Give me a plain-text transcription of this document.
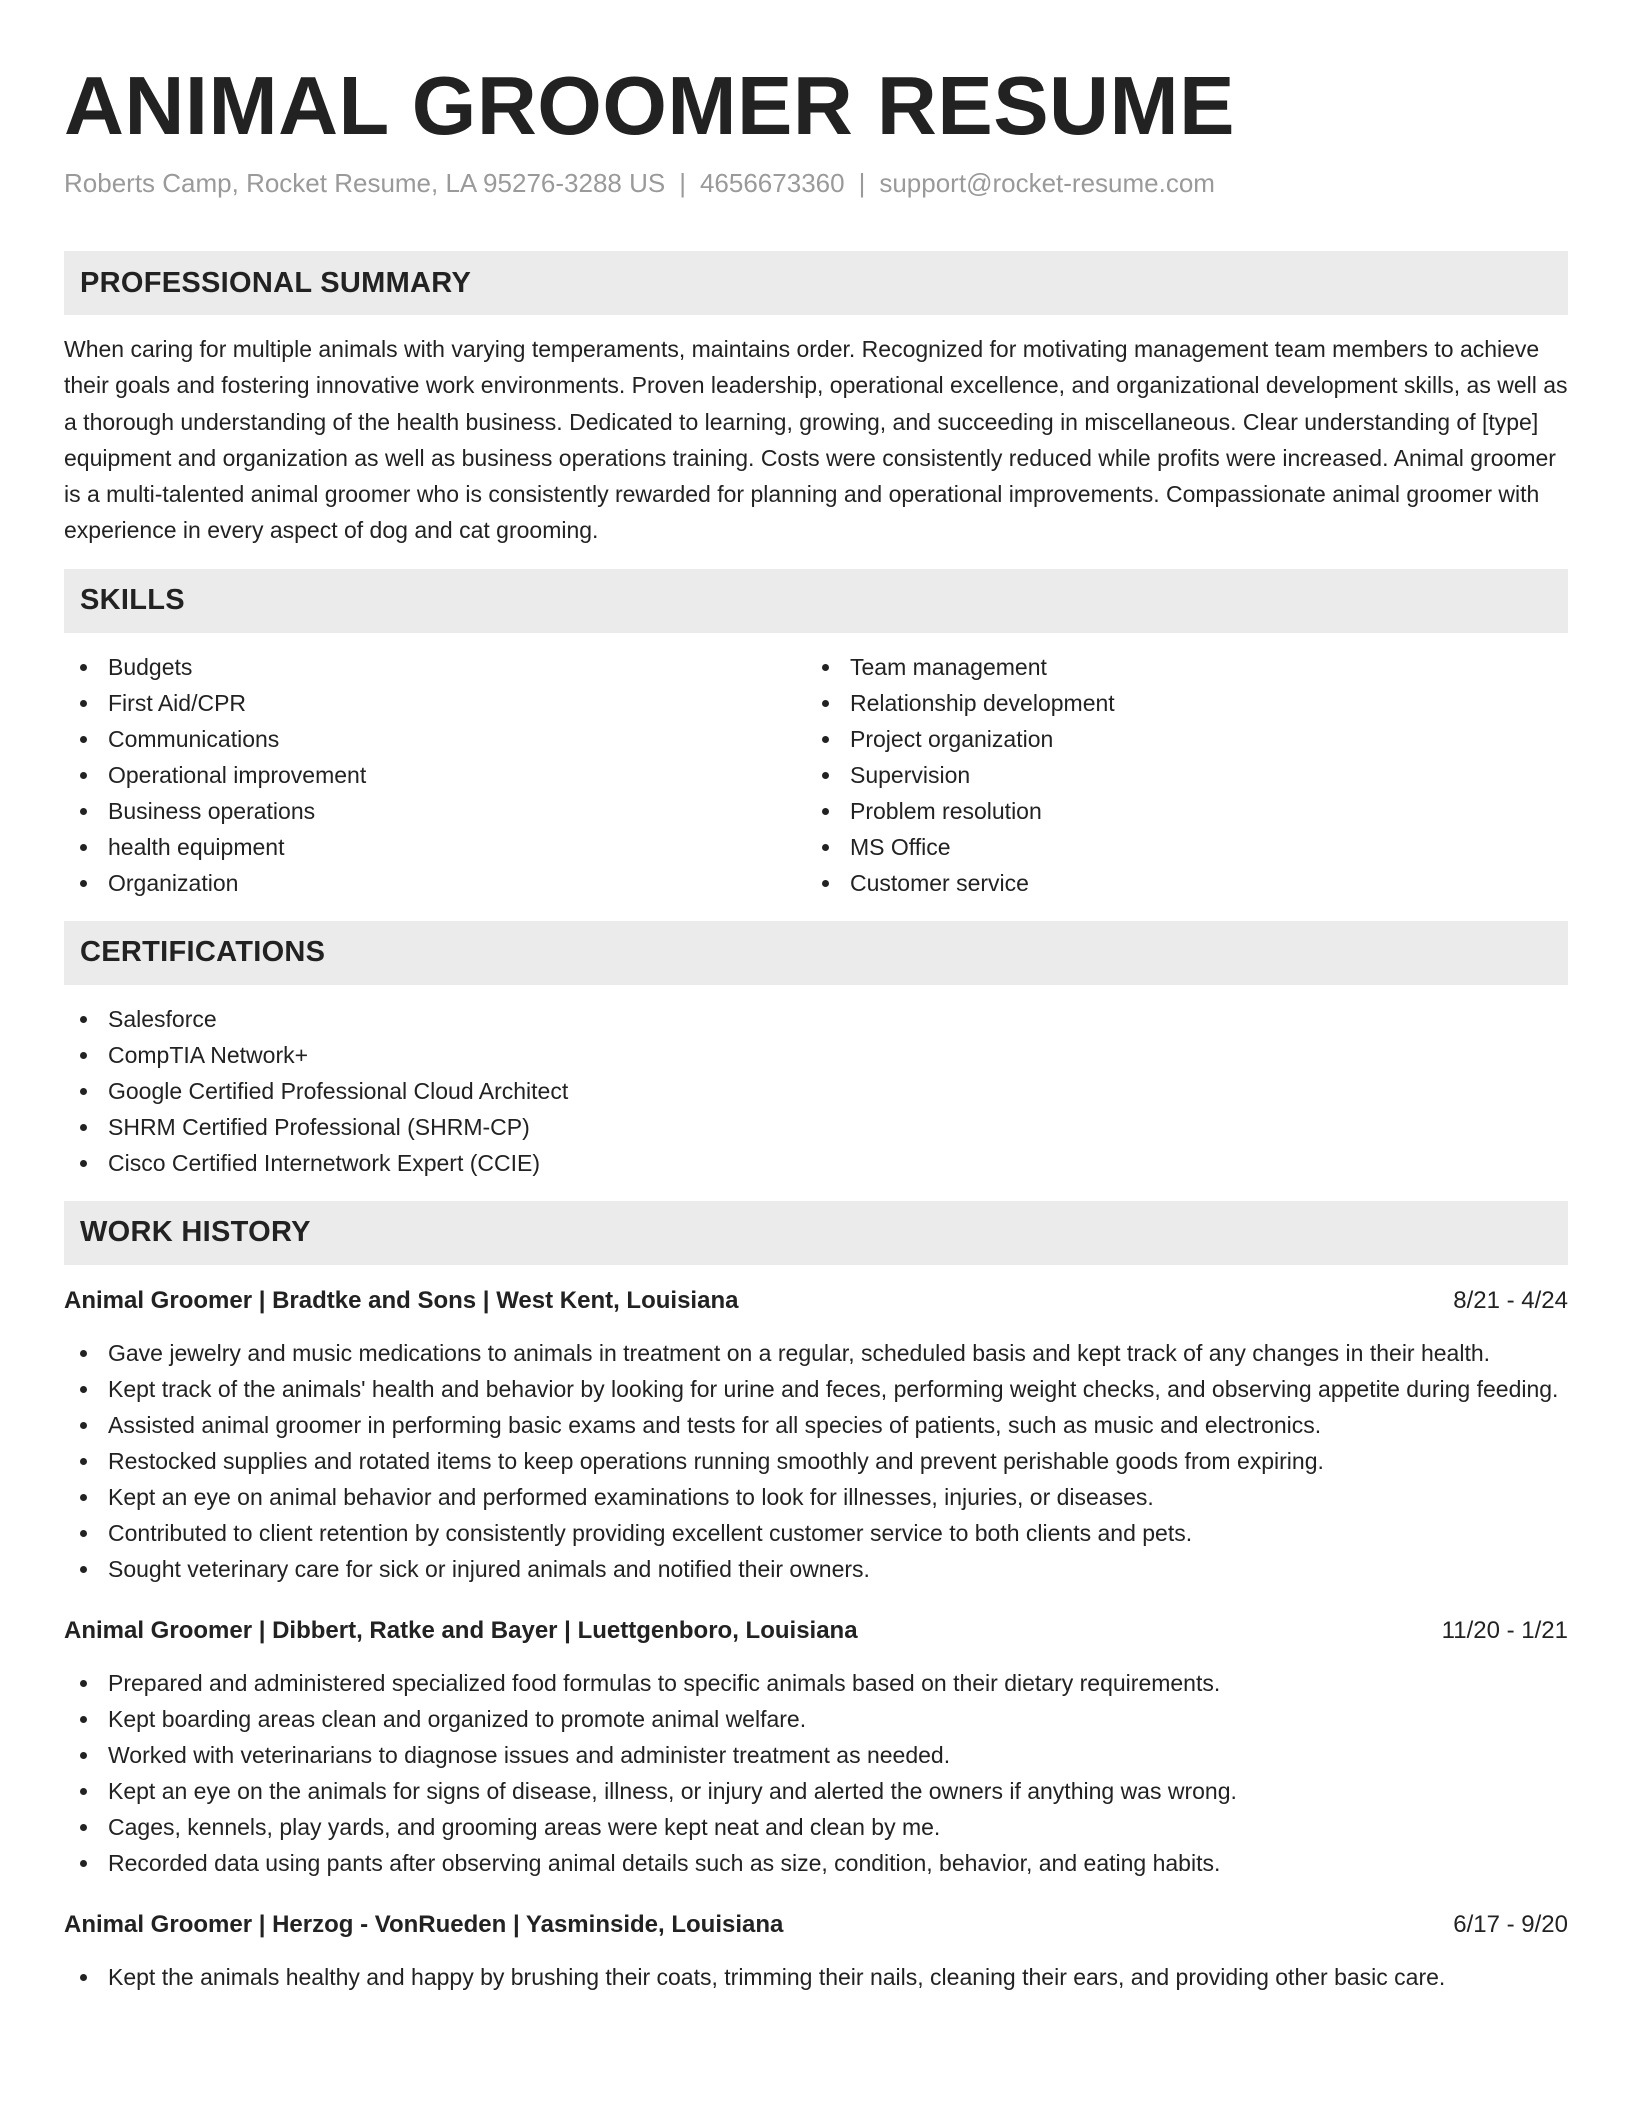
ANIMAL GROOMER RESUME
Roberts Camp, Rocket Resume, LA 95276-3288 US | 4656673360 | support@rocket-resume.com
PROFESSIONAL SUMMARY

When caring for multiple animals with varying temperaments, maintains order. Recognized for motivating management team members to achieve their goals and fostering innovative work environments. Proven leadership, operational excellence, and organizational development skills, as well as a thorough understanding of the health business. Dedicated to learning, growing, and succeeding in miscellaneous. Clear understanding of [type] equipment and organization as well as business operations training. Costs were consistently reduced while profits were increased. Animal groomer is a multi-talented animal groomer who is consistently rewarded for planning and operational improvements. Compassionate animal groomer with experience in every aspect of dog and cat grooming.

SKILLS
Budgets
First Aid/CPR
Communications
Operational improvement
Business operations
health equipment
Organization
Team management
Relationship development
Project organization
Supervision
Problem resolution
MS Office
Customer service
CERTIFICATIONS
Salesforce
CompTIA Network+
Google Certified Professional Cloud Architect
SHRM Certified Professional (SHRM-CP)
Cisco Certified Internetwork Expert (CCIE)
WORK HISTORY
Animal Groomer | Bradtke and Sons | West Kent, Louisiana	8/21 - 4/24
Gave jewelry and music medications to animals in treatment on a regular, scheduled basis and kept track of any changes in their health.
Kept track of the animals' health and behavior by looking for urine and feces, performing weight checks, and observing appetite during feeding.
Assisted animal groomer in performing basic exams and tests for all species of patients, such as music and electronics.
Restocked supplies and rotated items to keep operations running smoothly and prevent perishable goods from expiring.
Kept an eye on animal behavior and performed examinations to look for illnesses, injuries, or diseases.
Contributed to client retention by consistently providing excellent customer service to both clients and pets.
Sought veterinary care for sick or injured animals and notified their owners.
Animal Groomer | Dibbert, Ratke and Bayer | Luettgenboro, Louisiana	11/20 - 1/21
Prepared and administered specialized food formulas to specific animals based on their dietary requirements.
Kept boarding areas clean and organized to promote animal welfare.
Worked with veterinarians to diagnose issues and administer treatment as needed.
Kept an eye on the animals for signs of disease, illness, or injury and alerted the owners if anything was wrong.
Cages, kennels, play yards, and grooming areas were kept neat and clean by me.
Recorded data using pants after observing animal details such as size, condition, behavior, and eating habits.
Animal Groomer | Herzog - VonRueden | Yasminside, Louisiana	6/17 - 9/20
Kept the animals healthy and happy by brushing their coats, trimming their nails, cleaning their ears, and providing other basic care.
